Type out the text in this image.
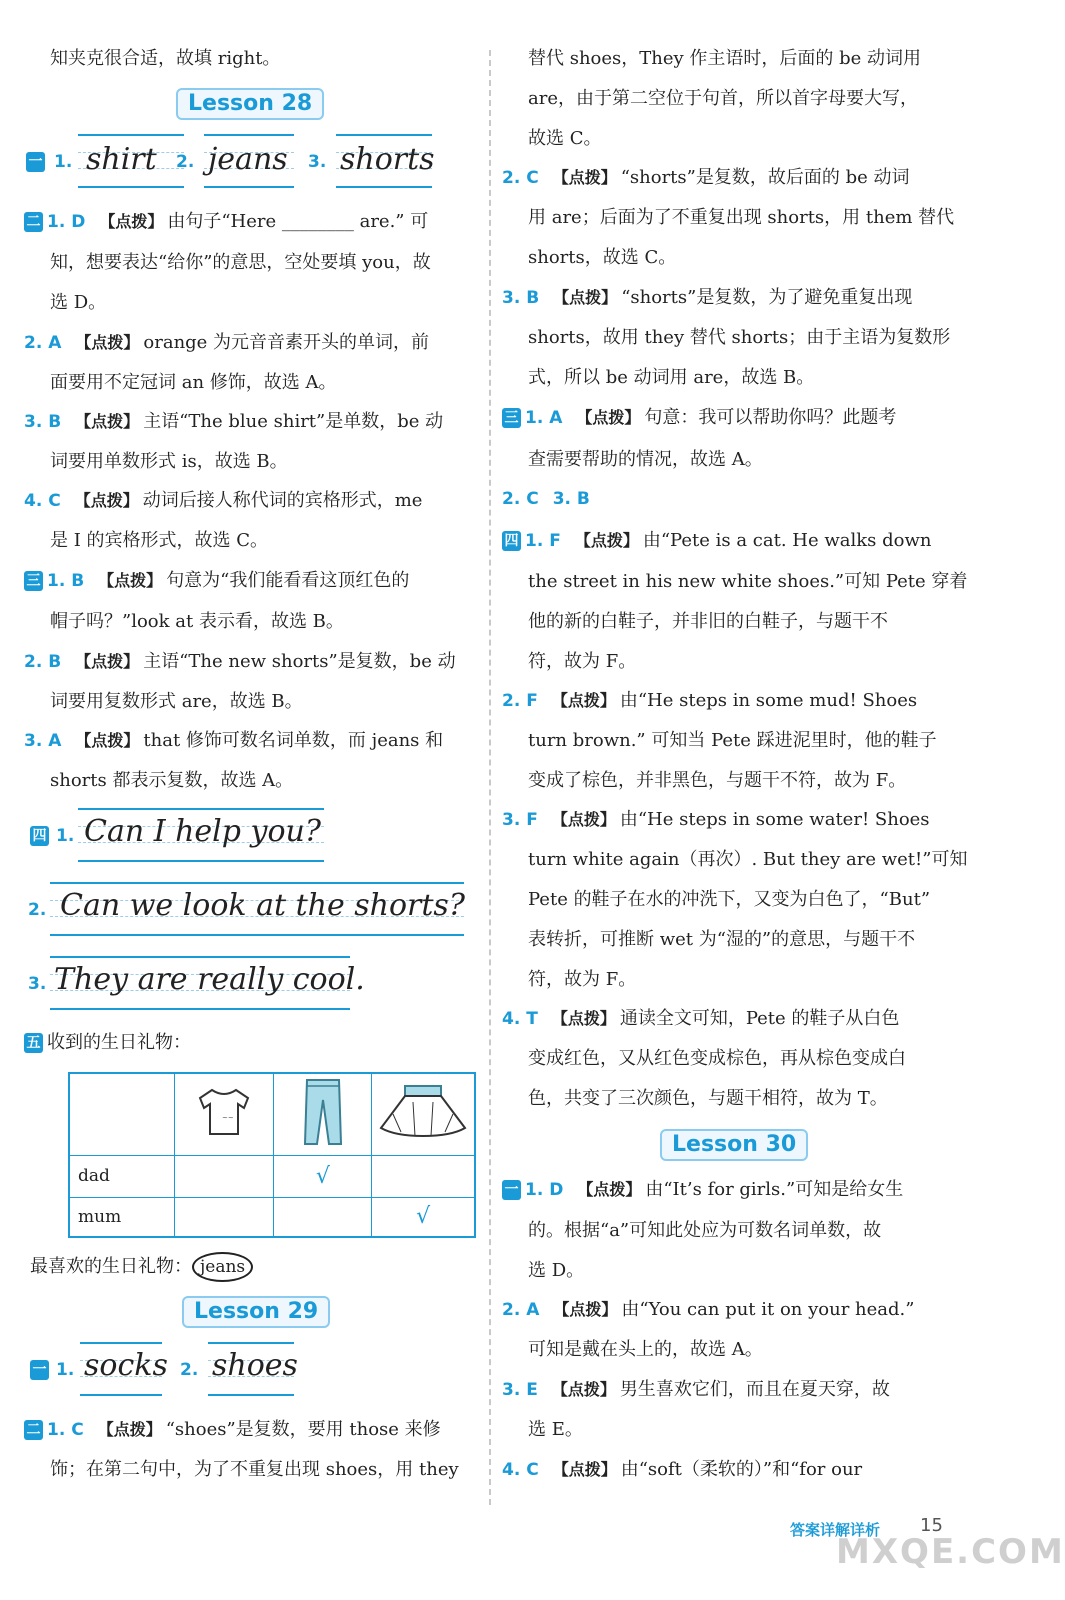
知夹克很合适，故填 right。
Lesson 28
一 1. shirt 2. jeans 3. shorts
二 1. D 【点拨】 由句子“Here ________ are.” 可
知，想要表达“给你”的意思，空处要填 you，故
选 D。
2. A 【点拨】 orange 为元音音素开头的单词，前
面要用不定冠词 an 修饰，故选 A。
3. B 【点拨】 主语“The blue shirt”是单数，be 动
词要用单数形式 is，故选 B。
4. C 【点拨】 动词后接人称代词的宾格形式，me
是 I 的宾格形式，故选 C。
三 1. B 【点拨】 句意为“我们能看看这顶红色的
帽子吗？”look at 表示看，故选 B。
2. B 【点拨】 主语“The new shorts”是复数，be 动
词要用复数形式 are，故选 B。
3. A 【点拨】 that 修饰可数名词单数，而 jeans 和
shorts 都表示复数，故选 A。
四 1. Can I help you?
2. Can we look at the shorts?
3. They are really cool.
五 收到的生日礼物：

~~

dad		√	
mum			√
最喜欢的生日礼物： jeans
Lesson 29
一 1. socks 2. shoes
二 1. C 【点拨】 “shoes”是复数，要用 those 来修
饰；在第二句中，为了不重复出现 shoes，用 they
替代 shoes，They 作主语时，后面的 be 动词用
are，由于第二空位于句首，所以首字母要大写，
故选 C。
2. C 【点拨】 “shorts”是复数，故后面的 be 动词
用 are；后面为了不重复出现 shorts，用 them 替代
shorts，故选 C。
3. B 【点拨】 “shorts”是复数，为了避免重复出现
shorts，故用 they 替代 shorts；由于主语为复数形
式，所以 be 动词用 are，故选 B。
三 1. A 【点拨】 句意：我可以帮助你吗？此题考
查需要帮助的情况，故选 A。
2. C 3. B
四 1. F 【点拨】 由“Pete is a cat. He walks down
the street in his new white shoes.”可知 Pete 穿着
他的新的白鞋子，并非旧的白鞋子，与题干不
符，故为 F。
2. F 【点拨】 由“He steps in some mud! Shoes
turn brown.” 可知当 Pete 踩进泥里时，他的鞋子
变成了棕色，并非黑色，与题干不符，故为 F。
3. F 【点拨】 由“He steps in some water! Shoes
turn white again（再次）. But they are wet!”可知
Pete 的鞋子在水的冲洗下，又变为白色了，“But”
表转折，可推断 wet 为“湿的”的意思，与题干不
符，故为 F。
4. T 【点拨】 通读全文可知，Pete 的鞋子从白色
变成红色，又从红色变成棕色，再从棕色变成白
色，共变了三次颜色，与题干相符，故为 T。
Lesson 30
一 1. D 【点拨】 由“It’s for girls.”可知是给女生
的。根据“a”可知此处应为可数名词单数，故
选 D。
2. A 【点拨】 由“You can put it on your head.”
可知是戴在头上的，故选 A。
3. E 【点拨】 男生喜欢它们，而且在夏天穿，故
选 E。
4. C 【点拨】 由“soft（柔软的）”和“for our
答案详解详析 15
MXQE.COM
